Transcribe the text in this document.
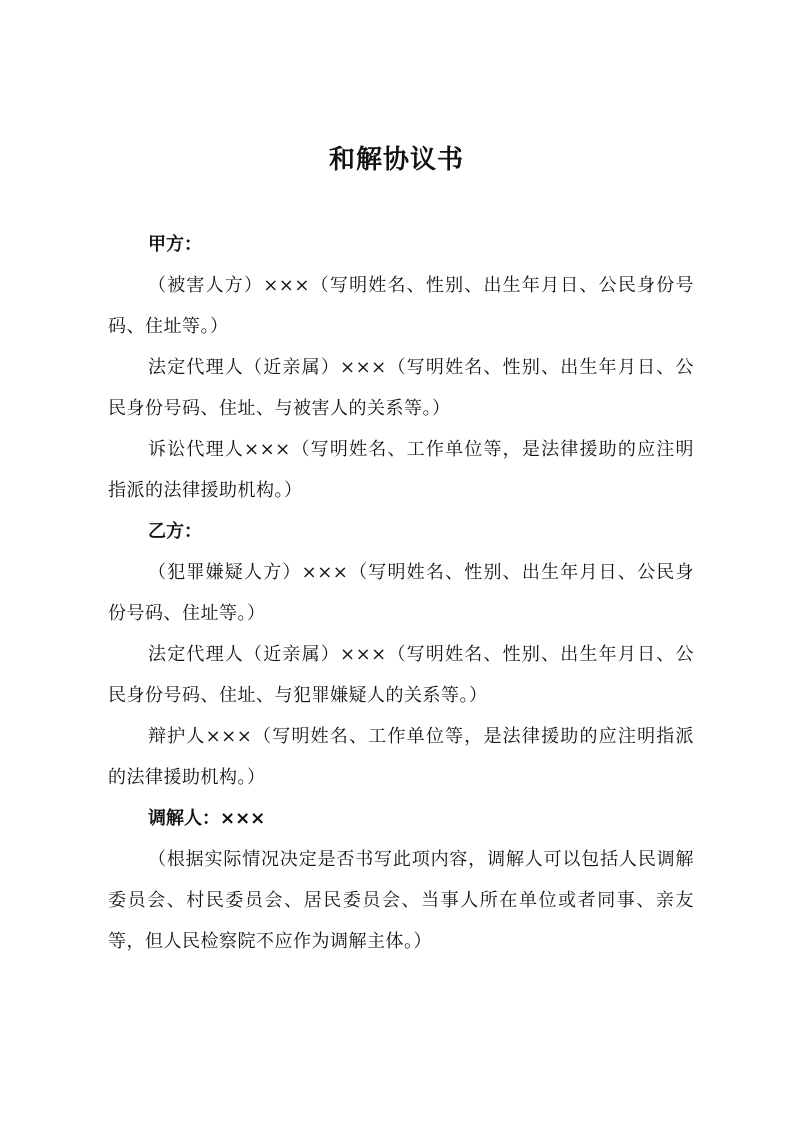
和解协议书

甲方：

（被害人方）×××（写明姓名、性别、出生年月日、公民身份号码、住址等。）

法定代理人（近亲属）×××（写明姓名、性别、出生年月日、公民身份号码、住址、与被害人的关系等。）

诉讼代理人×××（写明姓名、工作单位等，是法律援助的应注明指派的法律援助机构。）

乙方：

（犯罪嫌疑人方）×××（写明姓名、性别、出生年月日、公民身份号码、住址等。）

法定代理人（近亲属）×××（写明姓名、性别、出生年月日、公民身份号码、住址、与犯罪嫌疑人的关系等。）

辩护人×××（写明姓名、工作单位等，是法律援助的应注明指派的法律援助机构。）

调解人：×××

（根据实际情况决定是否书写此项内容，调解人可以包括人民调解委员会、村民委员会、居民委员会、当事人所在单位或者同事、亲友等，但人民检察院不应作为调解主体。）
